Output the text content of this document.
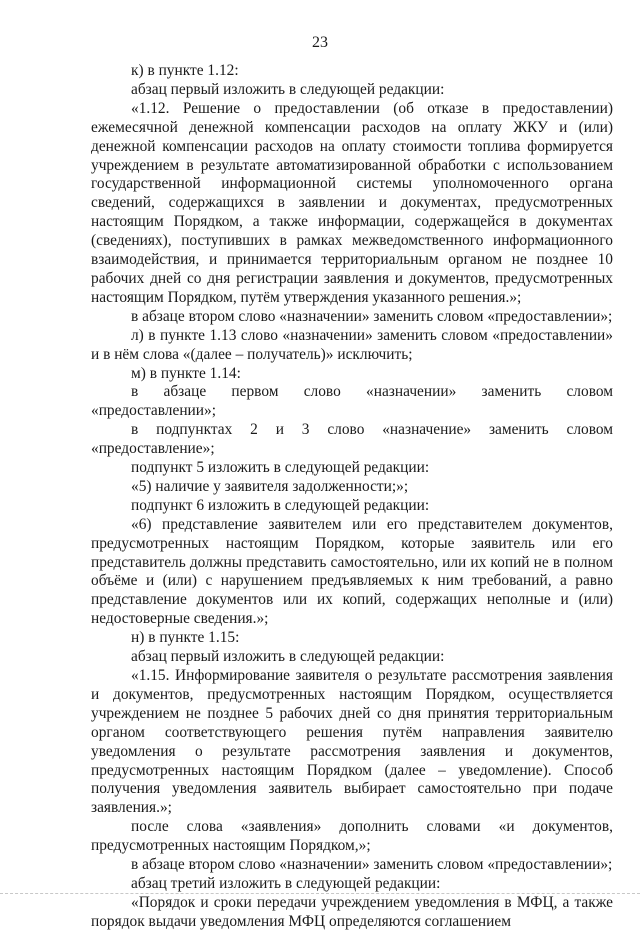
23

к) в пункте 1.12:

абзац первый изложить в следующей редакции:

«1.12. Решение о предоставлении (об отказе в предоставлении) ежемесячной денежной компенсации расходов на оплату ЖКУ и (или) денежной компенсации расходов на оплату стоимости топлива формируется учреждением в результате автоматизированной обработки с использованием государственной информационной системы уполномоченного органа сведений, содержащихся в заявлении и документах, предусмотренных настоящим Порядком, а также информации, содержащейся в документах (сведениях), поступивших в рамках межведомственного информационного взаимодействия, и принимается территориальным органом не позднее 10 рабочих дней со дня регистрации заявления и документов, предусмотренных настоящим Порядком, путём утверждения указанного решения.»;

в абзаце втором слово «назначении» заменить словом «предоставлении»;

л) в пункте 1.13 слово «назначении» заменить словом «предоставлении» и в нём слова «(далее – получатель)» исключить;

м) в пункте 1.14:

в абзаце первом слово «назначении» заменить словом «предоставлении»;

в подпунктах 2 и 3 слово «назначение» заменить словом «предоставление»;

подпункт 5 изложить в следующей редакции:

«5) наличие у заявителя задолженности;»;

подпункт 6 изложить в следующей редакции:

«6) представление заявителем или его представителем документов, предусмотренных настоящим Порядком, которые заявитель или его представитель должны представить самостоятельно, или их копий не в полном объёме и (или) с нарушением предъявляемых к ним требований, а равно представление документов или их копий, содержащих неполные и (или) недостоверные сведения.»;

н) в пункте 1.15:

абзац первый изложить в следующей редакции:

«1.15. Информирование заявителя о результате рассмотрения заявления и документов, предусмотренных настоящим Порядком, осуществляется учреждением не позднее 5 рабочих дней со дня принятия территориальным органом соответствующего решения путём направления заявителю уведомления о результате рассмотрения заявления и документов, предусмотренных настоящим Порядком (далее – уведомление). Способ получения уведомления заявитель выбирает самостоятельно при подаче заявления.»;

после слова «заявления» дополнить словами «и документов, предусмотренных настоящим Порядком,»;

в абзаце втором слово «назначении» заменить словом «предоставлении»;

абзац третий изложить в следующей редакции:

«Порядок и сроки передачи учреждением уведомления в МФЦ, а также порядок выдачи уведомления МФЦ определяются соглашением
